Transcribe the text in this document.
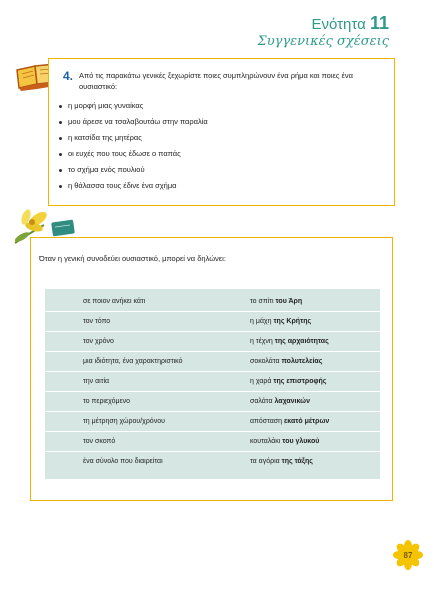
Ενότητα 11
Συγγενικές σχέσεις
4. Από τις παρακάτω γενικές ξεχωρίστε ποιες συμπληρώνουν ένα ρήμα και ποιες ένα ουσιαστικό:
η μορφή μιας γυναίκας
μου άρεσε να τσαλαβουτάω στην παραλία
η κατσίδα της μητέρας
οι ευχές που τους έδωσε ο παπάς
το σχήμα ενός πουλιού
η θάλασσα τους έδινε ένα σχήμα
Όταν η γενική συνοδεύει ουσιαστικό, μπορεί να δηλώνει:
σε ποιον ανήκει κάτι	το σπίτι του Άρη
τον τόπο	η μάχη της Κρήτης
τον χρόνο	η τέχνη της αρχαιότητας
μια ιδιότητα, ένα χαρακτηριστικό	σοκολάτα πολυτελείας
την αιτία	η χαρά της επιστροφής
το περιεχόμενο	σαλάτα λαχανικών
τη μέτρηση χώρου/χρόνου	απόσταση εκατό μέτρων
τον σκοπό	κουταλάκι του γλυκού
ένα σύνολο που διαιρείται	τα αγόρια της τάξης
87
